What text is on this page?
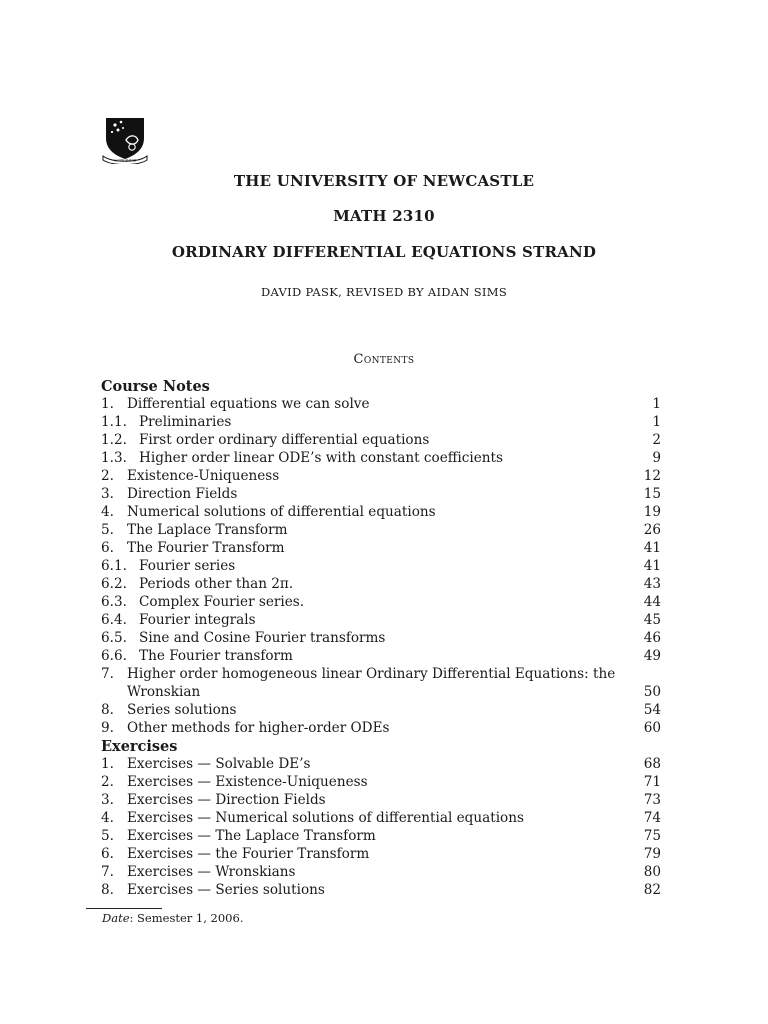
I LOOK AHEAD
THE UNIVERSITY OF NEWCASTLE
MATH 2310
ORDINARY DIFFERENTIAL EQUATIONS STRAND
DAVID PASK, REVISED BY AIDAN SIMS
Contents
Course Notes
1. Differential equations we can solve	1
1.1. Preliminaries	1
1.2. First order ordinary differential equations	2
1.3. Higher order linear ODE’s with constant coefficients	9
2. Existence-Uniqueness	12
3. Direction Fields	15
4. Numerical solutions of differential equations	19
5. The Laplace Transform	26
6. The Fourier Transform	41
6.1. Fourier series	41
6.2. Periods other than 2π.	43
6.3. Complex Fourier series.	44
6.4. Fourier integrals	45
6.5. Sine and Cosine Fourier transforms	46
6.6. The Fourier transform	49
7. Higher order homogeneous linear Ordinary Differential Equations: the Wronskian	50
8. Series solutions	54
9. Other methods for higher-order ODEs	60
Exercises
1. Exercises — Solvable DE’s	68
2. Exercises — Existence-Uniqueness	71
3. Exercises — Direction Fields	73
4. Exercises — Numerical solutions of differential equations	74
5. Exercises — The Laplace Transform	75
6. Exercises — the Fourier Transform	79
7. Exercises — Wronskians	80
8. Exercises — Series solutions	82
Date: Semester 1, 2006.
